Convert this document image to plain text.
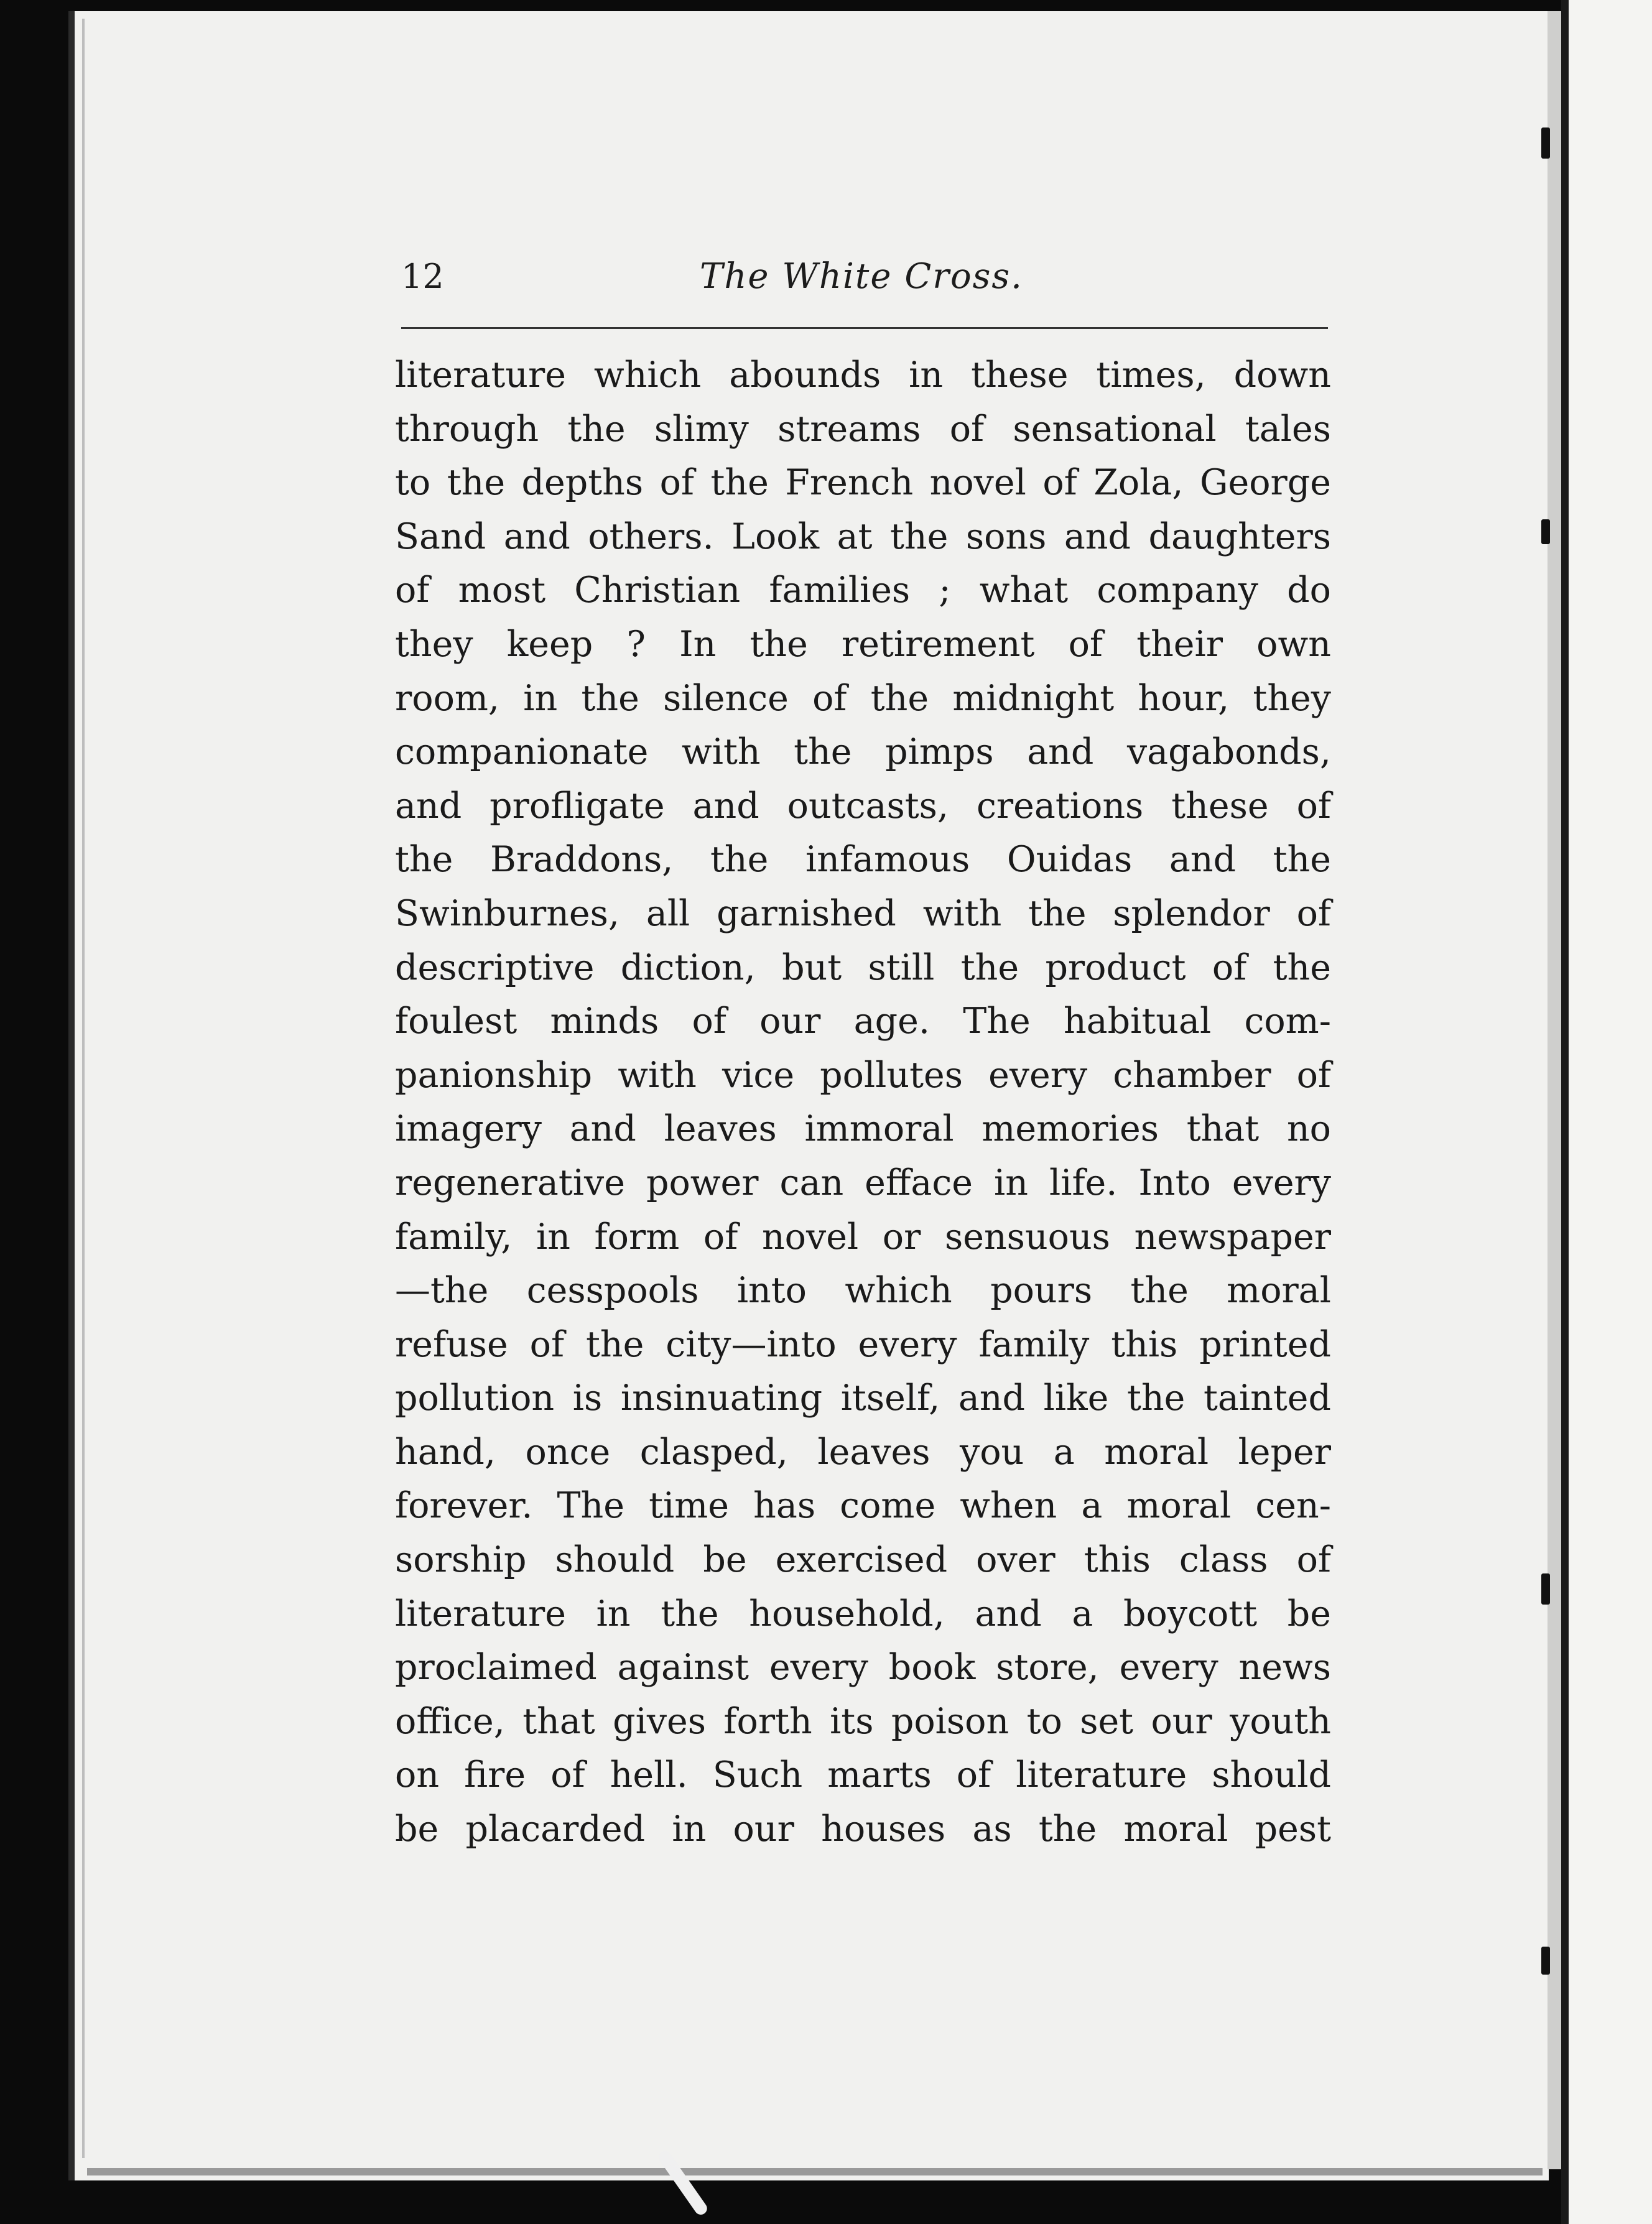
12	The White Cross.
literature which abounds in these times, down
through the slimy streams of sensational tales
to the depths of the French novel of Zola, George
Sand and others. Look at the sons and daughters
of most Christian families ; what company do
they keep ? In the retirement of their own
room, in the silence of the midnight hour, they
companionate with the pimps and vagabonds,
and profligate and outcasts, creations these of
the Braddons, the infamous Ouidas and the
Swinburnes, all garnished with the splendor of
descriptive diction, but still the product of the
foulest minds of our age. The habitual com-
panionship with vice pollutes every chamber of
imagery and leaves immoral memories that no
regenerative power can efface in life. Into every
family, in form of novel or sensuous newspaper
—the cesspools into which pours the moral
refuse of the city—into every family this printed
pollution is insinuating itself, and like the tainted
hand, once clasped, leaves you a moral leper
forever. The time has come when a moral cen-
sorship should be exercised over this class of
literature in the household, and a boycott be
proclaimed against every book store, every news
office, that gives forth its poison to set our youth
on fire of hell. Such marts of literature should
be placarded in our houses as the moral pest
